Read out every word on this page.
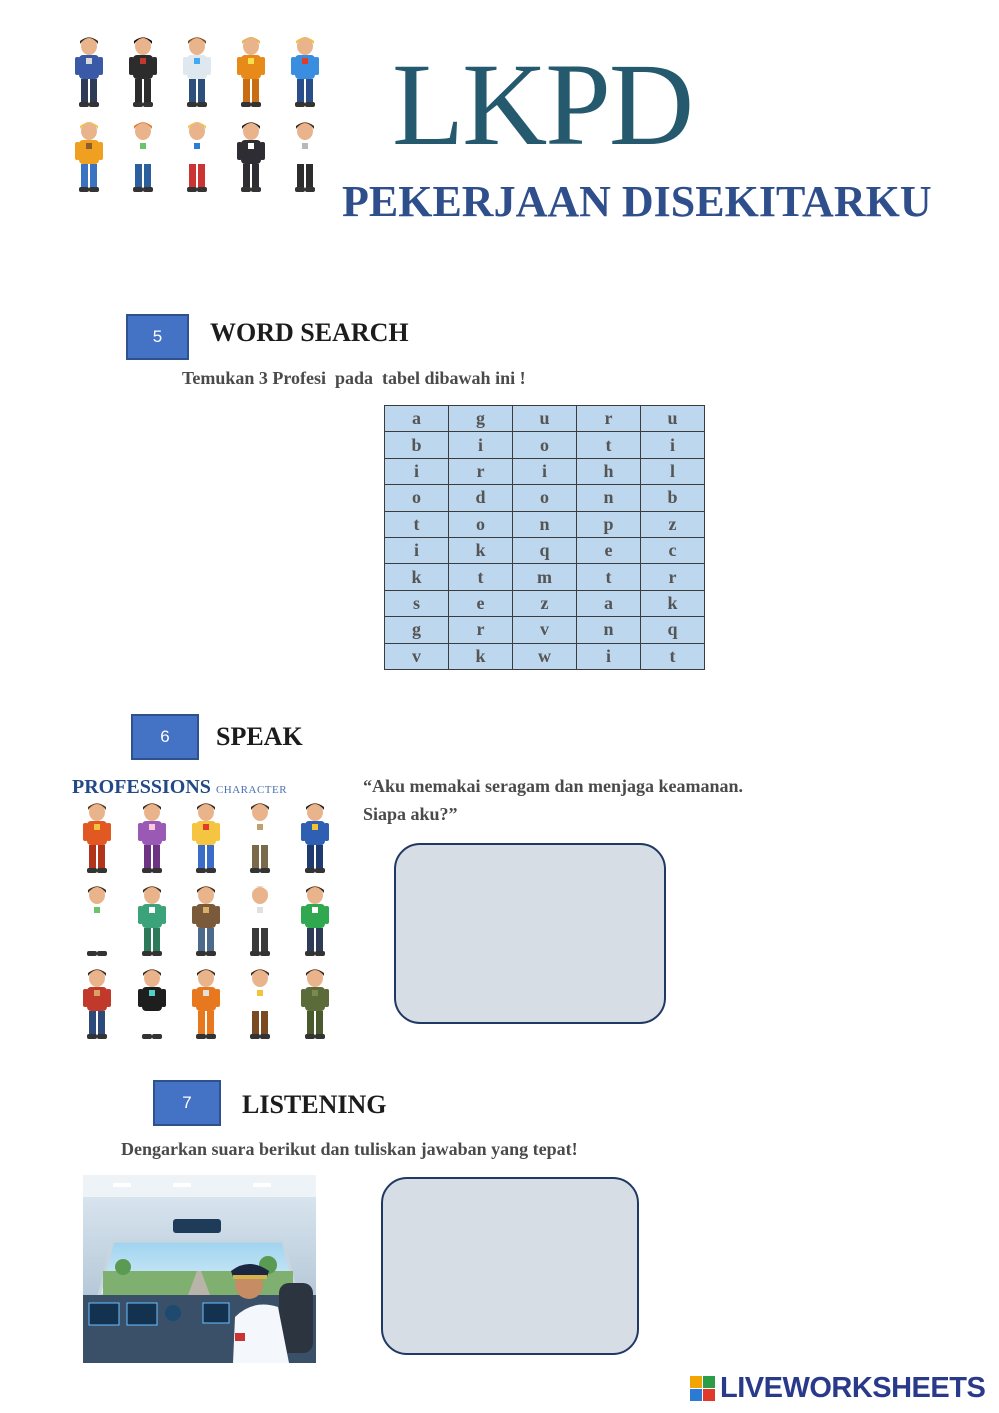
LKPD
PEKERJAAN DISEKITARKU
5 WORD SEARCH
Temukan 3 Profesi  pada  tabel dibawah ini !
a	g	u	r	u
b	i	o	t	i
i	r	i	h	l
o	d	o	n	b
t	o	n	p	z
i	k	q	e	c
k	t	m	t	r
s	e	z	a	k
g	r	v	n	q
v	k	w	i	t
6 SPEAK
PROFESSIONS CHARACTER	“Aku memakai seragam dan menjaga keamanan.
Siapa aku?”
7 LISTENING
Dengarkan suara berikut dan tuliskan jawaban yang tepat!
LIVEWORKSHEETS
